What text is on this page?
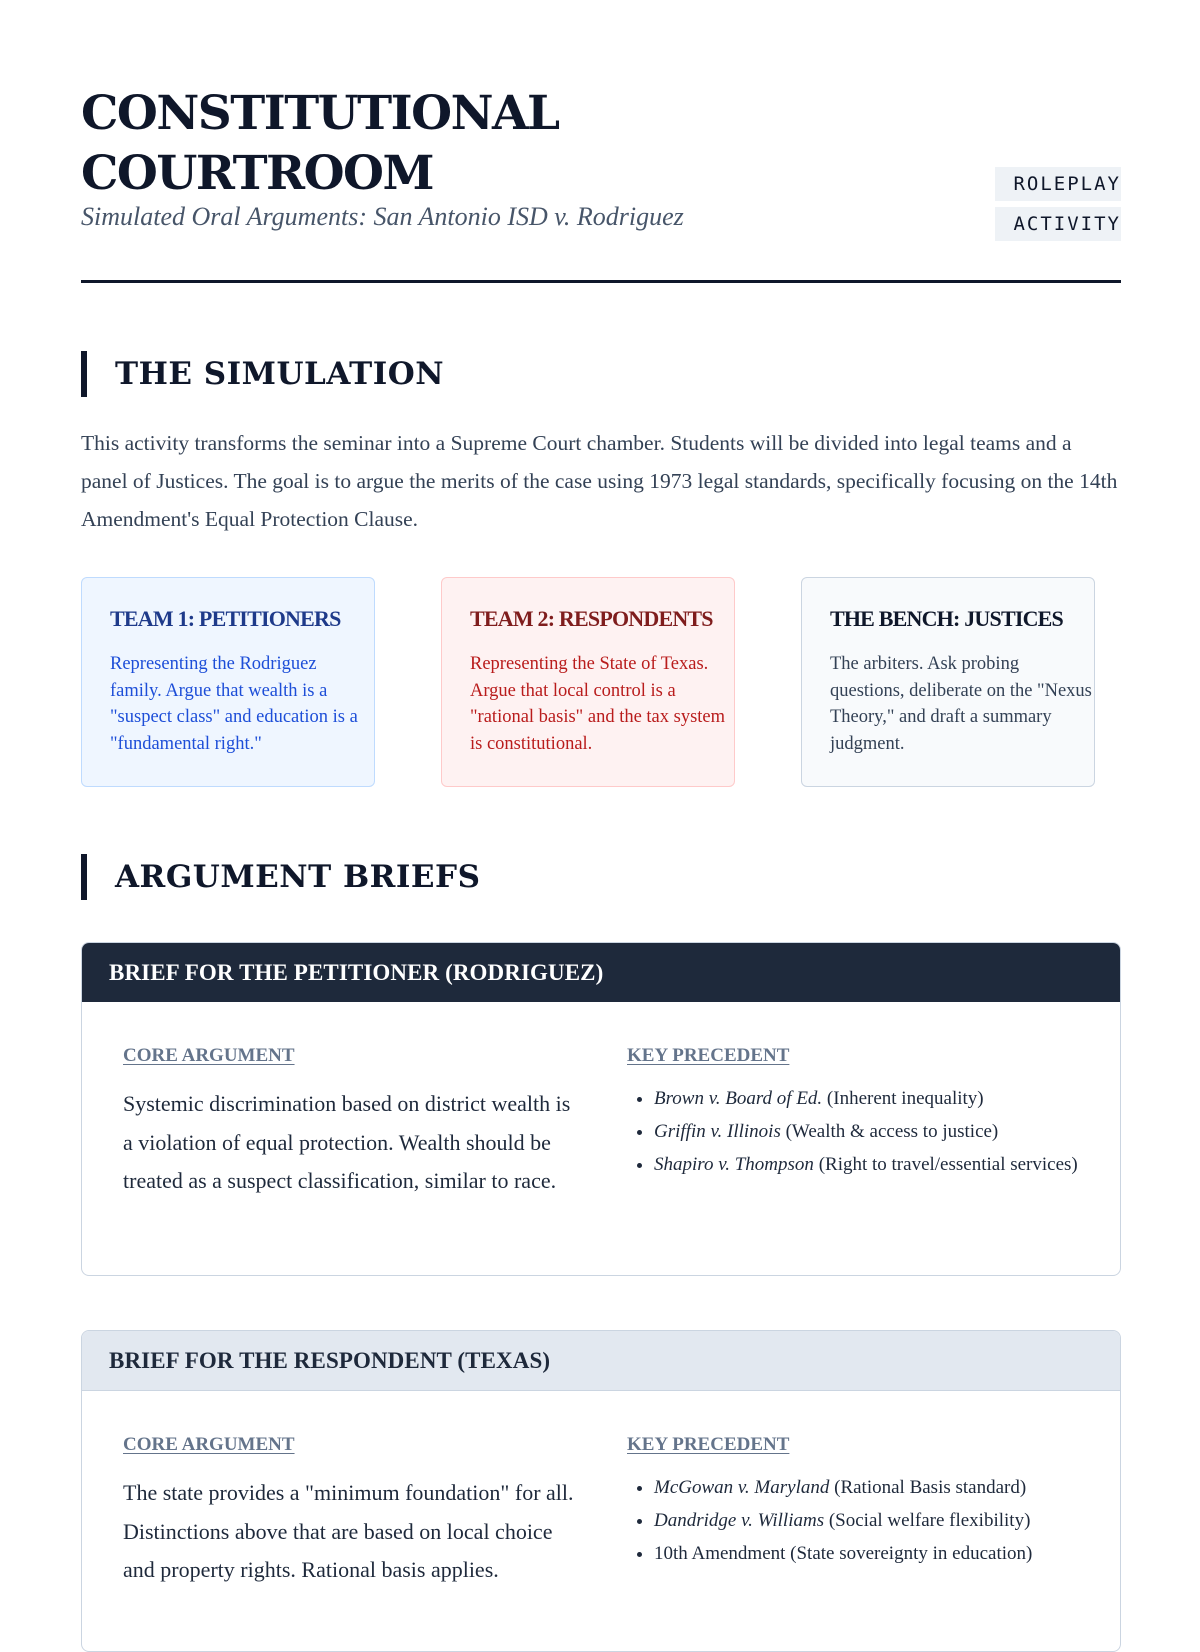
CONSTITUTIONAL
COURTROOM
Simulated Oral Arguments: San Antonio ISD v. Rodriguez
ROLEPLAY
ACTIVITY
THE SIMULATION

This activity transforms the seminar into a Supreme Court chamber. Students will be divided into legal teams and a panel of Justices. The goal is to argue the merits of the case using 1973 legal standards, specifically focusing on the 14th Amendment's Equal Protection Clause.

TEAM 1: PETITIONERS
Representing the Rodriguez family. Argue that wealth is a "suspect class" and education is a "fundamental right."
TEAM 2: RESPONDENTS
Representing the State of Texas. Argue that local control is a "rational basis" and the tax system is constitutional.
THE BENCH: JUSTICES
The arbiters. Ask probing questions, deliberate on the "Nexus Theory," and draft a summary judgment.
ARGUMENT BRIEFS
BRIEF FOR THE PETITIONER (RODRIGUEZ)
CORE ARGUMENT

Systemic discrimination based on district wealth is a violation of equal protection. Wealth should be treated as a suspect classification, similar to race.

KEY PRECEDENT
• Brown v. Board of Ed. (Inherent inequality)
• Griffin v. Illinois (Wealth & access to justice)
• Shapiro v. Thompson (Right to travel/essential services)
BRIEF FOR THE RESPONDENT (TEXAS)
CORE ARGUMENT

The state provides a "minimum foundation" for all. Distinctions above that are based on local choice and property rights. Rational basis applies.

KEY PRECEDENT
• McGowan v. Maryland (Rational Basis standard)
• Dandridge v. Williams (Social welfare flexibility)
• 10th Amendment (State sovereignty in education)
